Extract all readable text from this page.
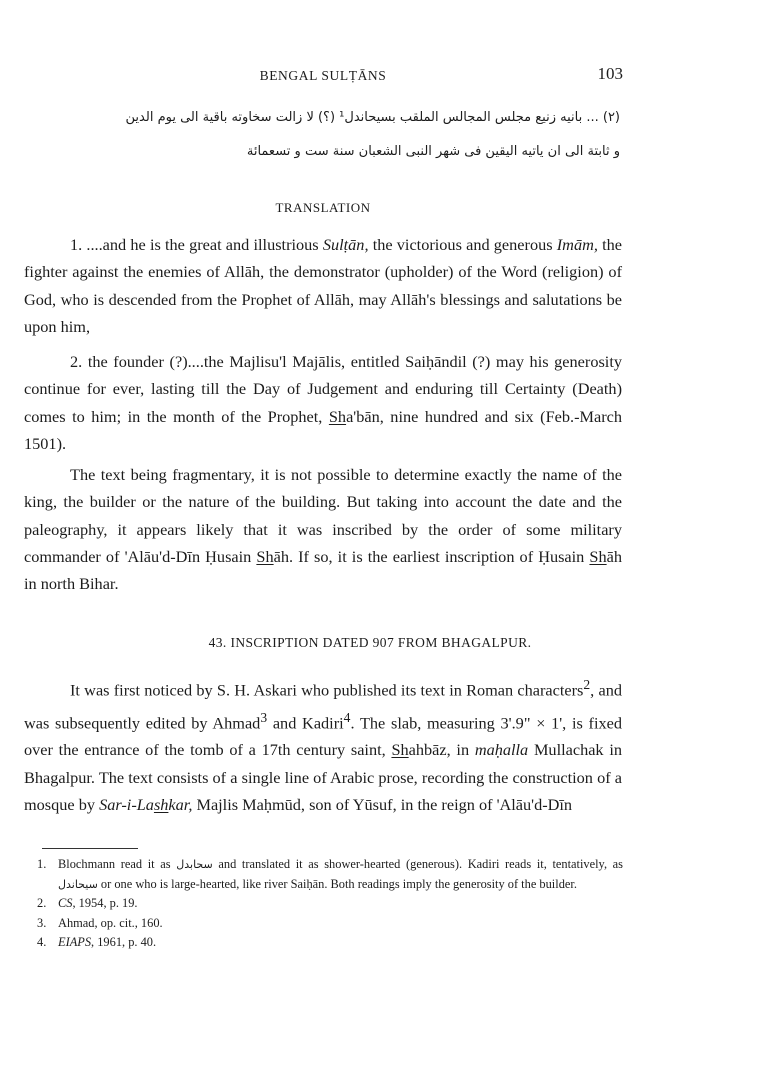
BENGAL SULṬĀNS	103
(٢) ... بانيه زنيع مجلس المجالس الملقب بسيحاندل¹ (؟) لا زالت سخاوته باقية الى يوم الدين
و ثابتة الى ان ياتيه اليقين فى شهر النبى الشعبان سنة ست و تسعمائة
TRANSLATION

1. ....and he is the great and illustrious Sulṭān, the victorious and generous Imām, the fighter against the enemies of Allāh, the demonstrator (upholder) of the Word (religion) of God, who is descended from the Prophet of Allāh, may Allāh's blessings and salutations be upon him,

2. the founder (?)....the Majlisu'l Majālis, entitled Saiḥāndil (?) may his generosity continue for ever, lasting till the Day of Judgement and enduring till Certainty (Death) comes to him; in the month of the Prophet, Sha'bān, nine hundred and six (Feb.-March 1501).

The text being fragmentary, it is not possible to determine exactly the name of the king, the builder or the nature of the building. But taking into account the date and the paleography, it appears likely that it was inscribed by the order of some military commander of 'Alāu'd-Dīn Ḥusain Shāh. If so, it is the earliest inscription of Ḥusain Shāh in north Bihar.

43. INSCRIPTION DATED 907 FROM BHAGALPUR.

It was first noticed by S. H. Askari who published its text in Roman characters$^2$, and was subsequently edited by Ahmad$^3$ and Kadiri$^4$. The slab, measuring 3'.9" × 1', is fixed over the entrance of the tomb of a 17th century saint, Shahbāz, in maḥalla Mullachak in Bhagalpur. The text consists of a single line of Arabic prose, recording the construction of a mosque by Sar-i-Lashkar, Majlis Maḥmūd, son of Yūsuf, in the reign of 'Alāu'd-Dīn

1. Blochmann read it as سحابدل and translated it as shower-hearted (generous). Kadiri reads it, tentatively, as سيحاندل or one who is large-hearted, like river Saiḥān. Both readings imply the generosity of the builder.
2. CS, 1954, p. 19.
3. Ahmad, op. cit., 160.
4. EIAPS, 1961, p. 40.
